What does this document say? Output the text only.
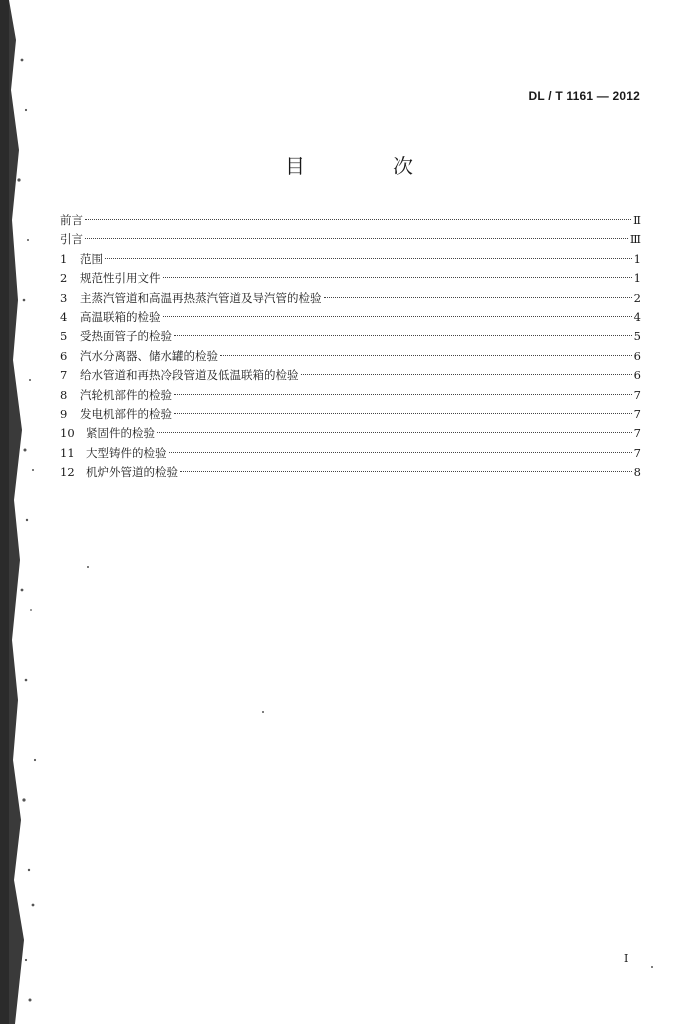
DL / T 1161 — 2012
目　次
前言	Ⅱ
引言	Ⅲ
1	范围	1
2	规范性引用文件	1
3	主蒸汽管道和高温再热蒸汽管道及导汽管的检验	2
4	高温联箱的检验	4
5	受热面管子的检验	5
6	汽水分离器、储水罐的检验	6
7	给水管道和再热冷段管道及低温联箱的检验	6
8	汽轮机部件的检验	7
9	发电机部件的检验	7
10 紧固件的检验	7
11 大型铸件的检验	7
12 机炉外管道的检验	8
I
